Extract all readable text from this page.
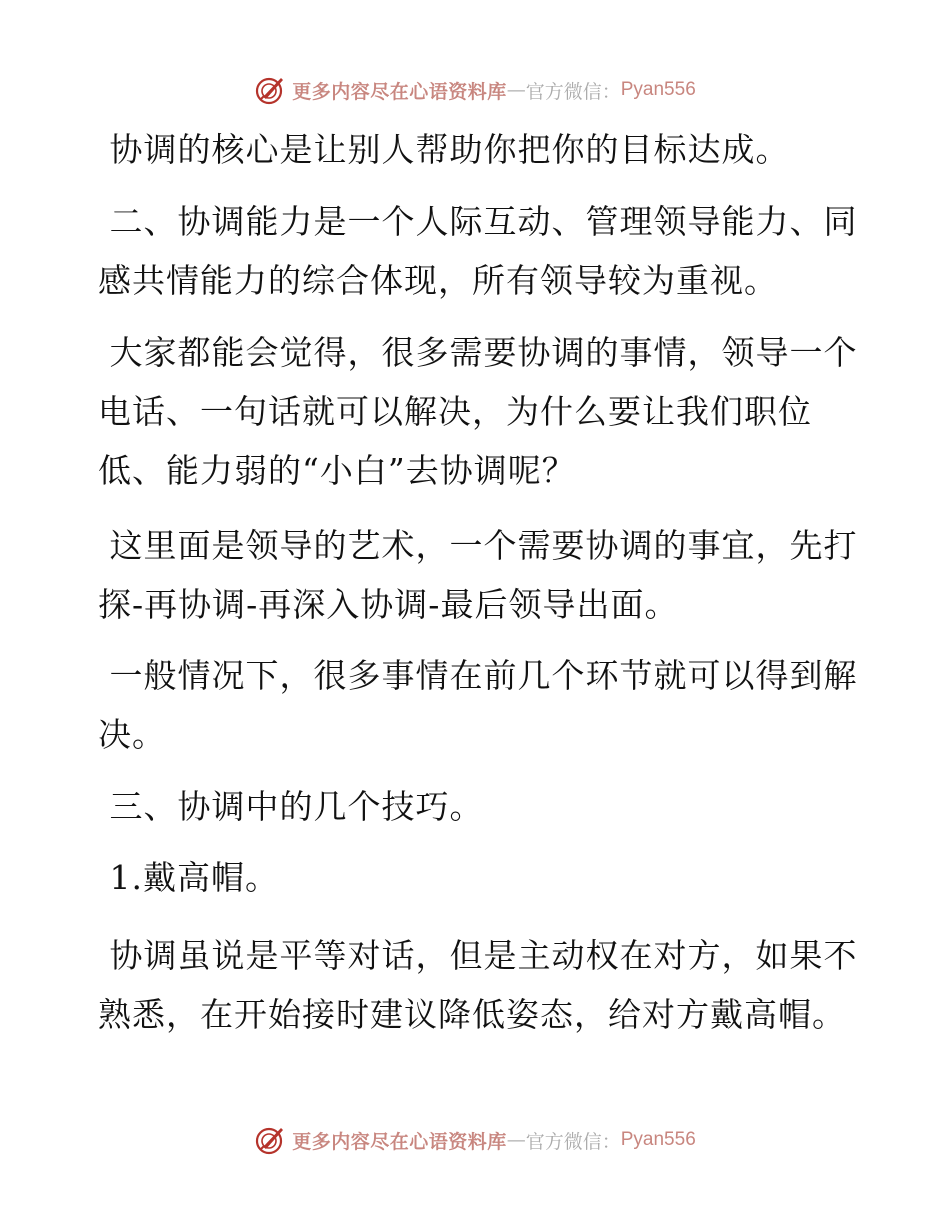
更多内容尽在心语资料库 — 官方微信： Pyan556

协调的核心是让别人帮助你把你的目标达成。

二、协调能力是一个人际互动、管理领导能力、同感共情能力的综合体现，所有领导较为重视。

大家都能会觉得，很多需要协调的事情，领导一个电话、一句话就可以解决，为什么要让我们职位低、能力弱的“小白”去协调呢？

这里面是领导的艺术，一个需要协调的事宜，先打探-再协调-再深入协调-最后领导出面。

一般情况下，很多事情在前几个环节就可以得到解决。

三、协调中的几个技巧。

1.戴高帽。

协调虽说是平等对话，但是主动权在对方，如果不熟悉，在开始接时建议降低姿态，给对方戴高帽。

更多内容尽在心语资料库 — 官方微信： Pyan556
